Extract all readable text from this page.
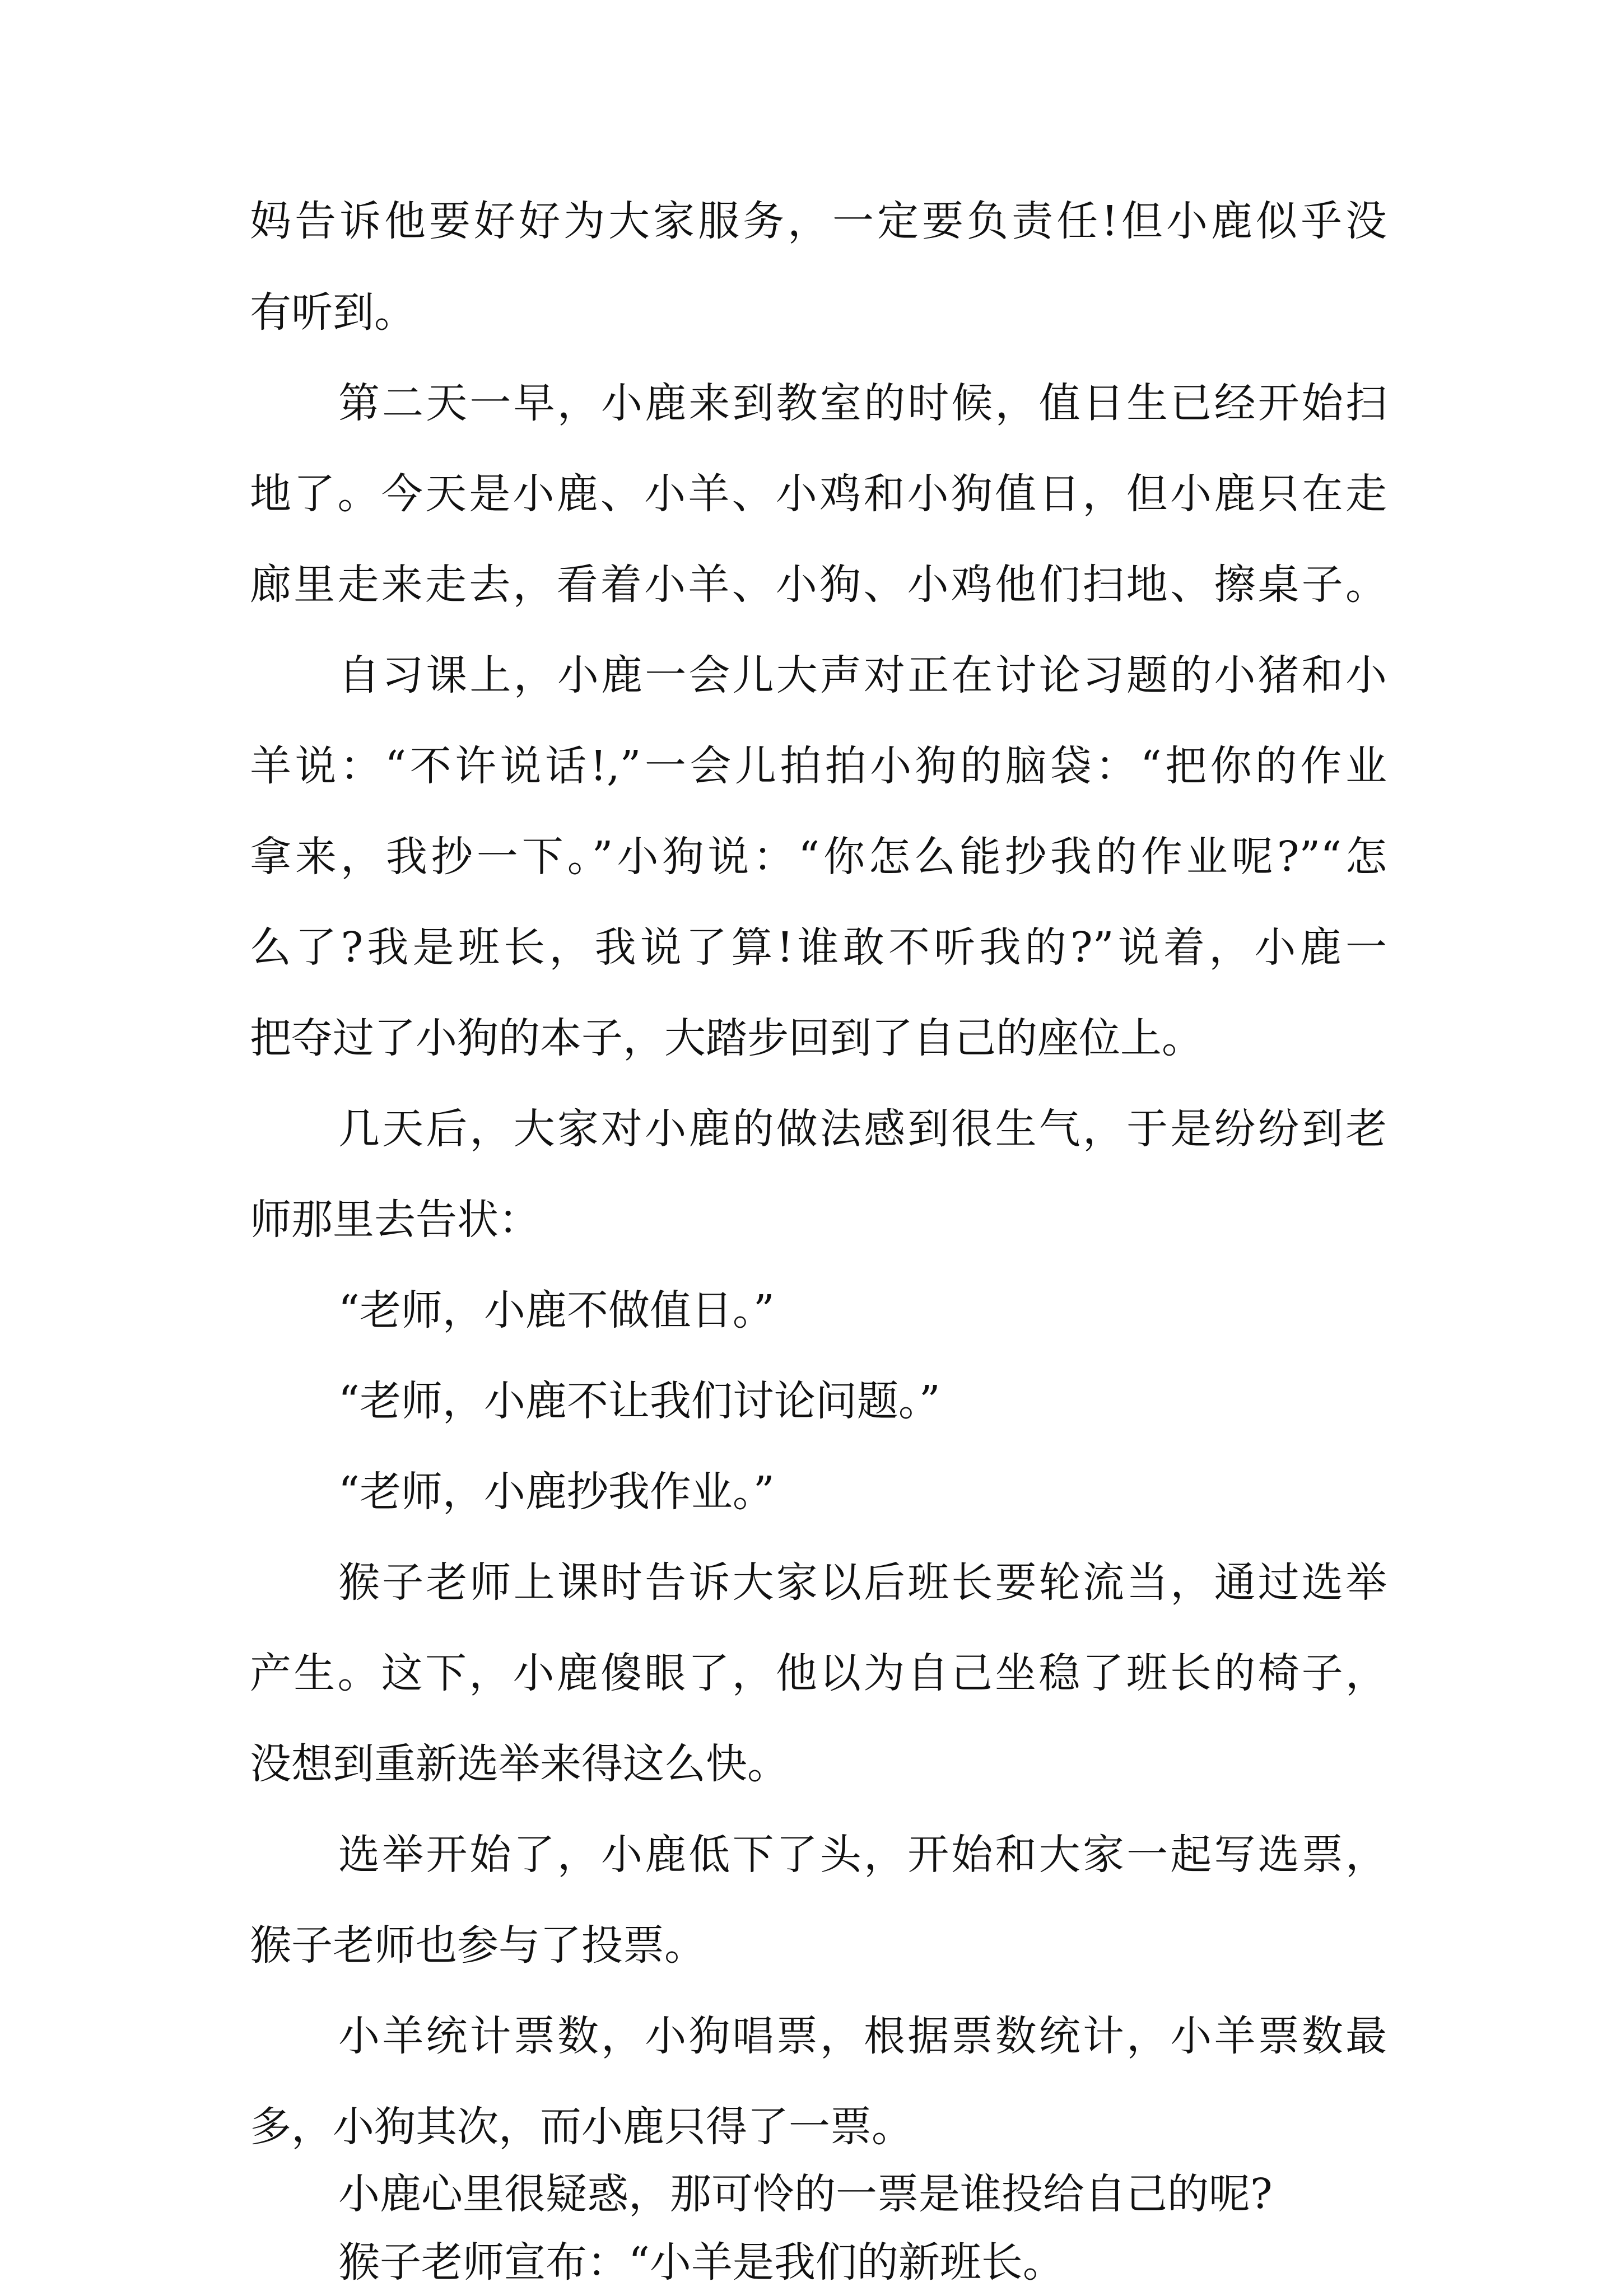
妈告诉他要好好为大家服务，一定要负责任!但小鹿似乎没

有听到。

第二天一早，小鹿来到教室的时候，值日生已经开始扫

地了。今天是小鹿、小羊、小鸡和小狗值日，但小鹿只在走

廊里走来走去，看着小羊、小狗、小鸡他们扫地、擦桌子。

自习课上，小鹿一会儿大声对正在讨论习题的小猪和小

羊说：“不许说话!,”一会儿拍拍小狗的脑袋：“把你的作业

拿来，我抄一下。”小狗说：“你怎么能抄我的作业呢?”“怎

么了?我是班长，我说了算!谁敢不听我的?”说着，小鹿一

把夺过了小狗的本子，大踏步回到了自己的座位上。

几天后，大家对小鹿的做法感到很生气，于是纷纷到老

师那里去告状：

“老师，小鹿不做值日。”

“老师，小鹿不让我们讨论问题。”

“老师，小鹿抄我作业。”

猴子老师上课时告诉大家以后班长要轮流当，通过选举

产生。这下，小鹿傻眼了，他以为自己坐稳了班长的椅子，

没想到重新选举来得这么快。

选举开始了，小鹿低下了头，开始和大家一起写选票，

猴子老师也参与了投票。

小羊统计票数，小狗唱票，根据票数统计，小羊票数最

多，小狗其次，而小鹿只得了一票。

小鹿心里很疑惑，那可怜的一票是谁投给自己的呢?

猴子老师宣布：“小羊是我们的新班长。
